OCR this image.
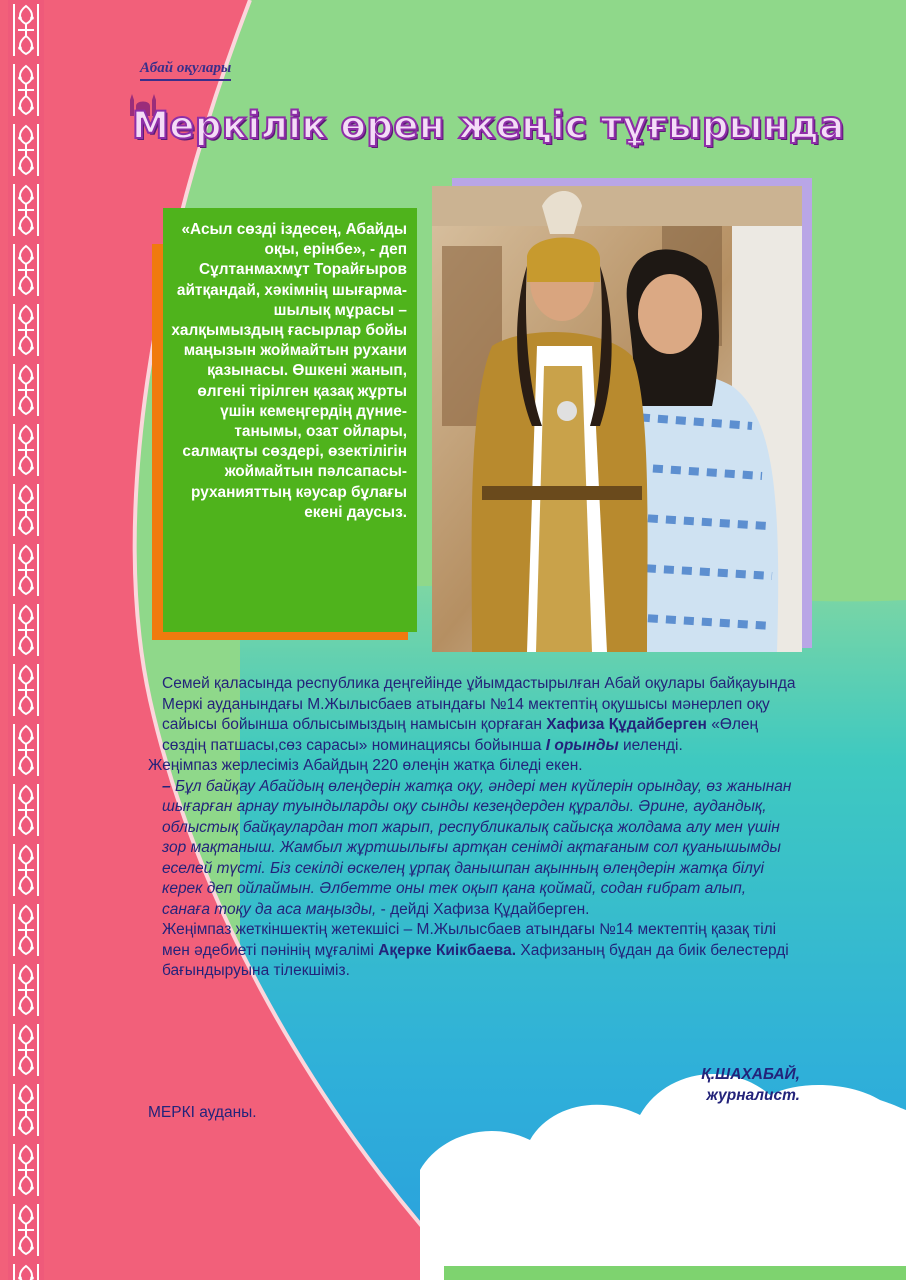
Абай оқулары
Меркілік өрен жеңіс тұғырында
«Асыл сөзді іздесең, Абайды оқы, ерінбе», - деп Сұлтанмахмұт Торайғыров айтқандай, хәкімнің шығарма-шылық мұрасы – халқымыздың ғасырлар бойы маңызын жоймайтын рухани қазынасы. Өшкені жанып, өлгені тірілген қазақ жұрты үшін кемеңгердің дүние-танымы, озат ойлары, салмақты сөздері, өзектілігін жоймайтын пәлсапасы-руханияттың кәусар бұлағы екені даусыз.

Семей қаласында республика деңгейінде ұйымдастырылған Абай оқулары байқауында Меркі ауданындағы М.Жылысбаев атындағы №14 мектептің оқушысы мәнерлеп оқу сайысы бойынша облысымыздың намысын қорғаған Хафиза Құдайберген «Өлең сөздің патшасы,сөз сарасы» номинациясы бойынша I орынды иеленді.

Жеңімпаз жерлесіміз Абайдың 220 өлеңін жатқа біледі екен.

– Бұл байқау Абайдың өлеңдерін жатқа оқу, әндері мен күйлерін орындау, өз жанынан шығарған арнау туындыларды оқу сынды кезеңдерден құралды. Әрине, аудандық, облыстық байқаулардан топ жарып, республикалық сайысқа жолдама алу мен үшін зор мақтаныш. Жамбыл жұртшылығы артқан сенімді ақтағаным сол қуанышымды еселей түсті. Біз секілді өскелең ұрпақ данышпан ақынның өлеңдерін жатқа білуі керек деп ойлаймын. Әлбетте оны тек оқып қана қоймай, содан ғибрат алып, санаға тоқу да аса маңызды, - дейді Хафиза Құдайберген.

Жеңімпаз жеткіншектің жетекшісі – М.Жылысбаев атындағы №14 мектептің қазақ тілі мен әдебиеті пәнінің мұғалімі Ақерке Киікбаева. Хафизаның бұдан да биік белестерді бағындыруына тілекшіміз.

Қ.ШАХАБАЙ,
журналист.
МЕРКІ ауданы.
